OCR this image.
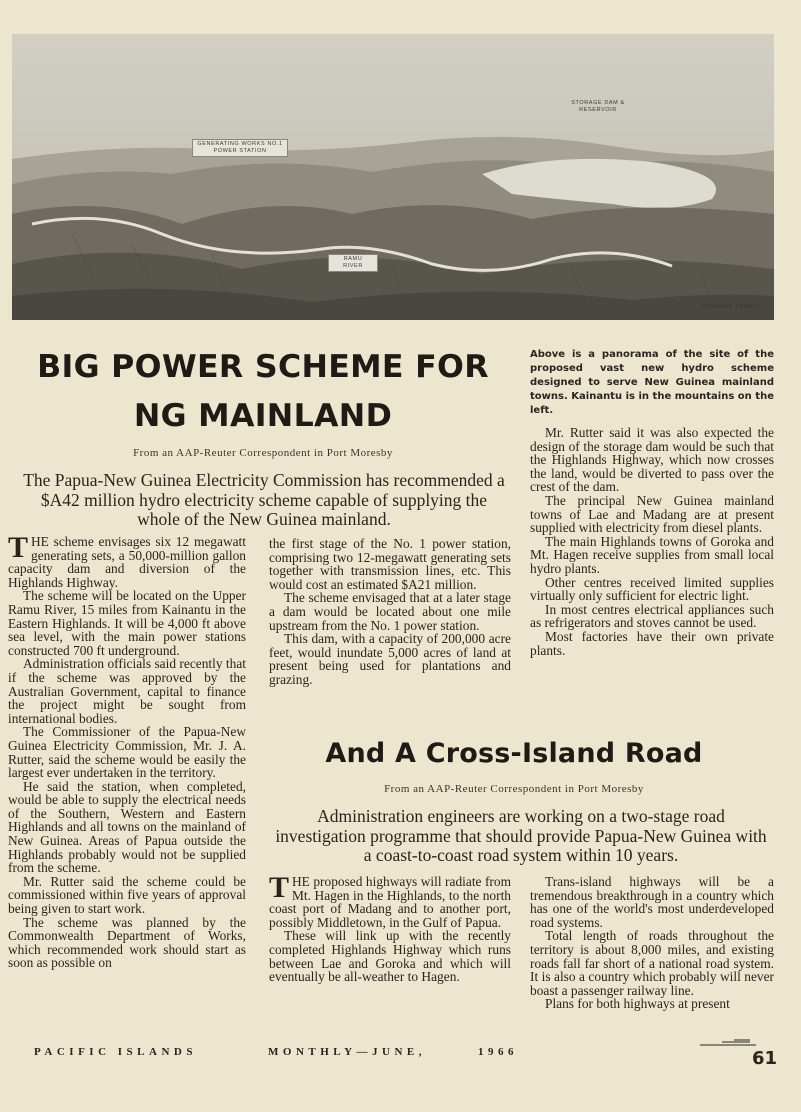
GENERATING WORKS NO.1 POWER STATION
STORAGE DAM & RESERVOIR
RAMU RIVER
CHARLES SEWELL
BIG POWER SCHEME FOR
NG MAINLAND
From an AAP-Reuter Correspondent in Port Moresby
The Papua-New Guinea Electricity Commission has recommended a $A42 million hydro electricity scheme capable of supplying the whole of the New Guinea mainland.
Above is a panorama of the site of the proposed vast new hydro scheme designed to serve New Guinea mainland towns. Kainantu is in the mountains on the left.

THE scheme envisages six 12 megawatt generating sets, a 50,000-million gallon capacity dam and diversion of the Highlands Highway.

The scheme will be located on the Upper Ramu River, 15 miles from Kainantu in the Eastern Highlands. It will be 4,000 ft above sea level, with the main power stations constructed 700 ft underground.

Administration officials said recently that if the scheme was approved by the Australian Government, capital to finance the project might be sought from international bodies.

The Commissioner of the Papua-New Guinea Electricity Commission, Mr. J. A. Rutter, said the scheme would be easily the largest ever undertaken in the territory.

He said the station, when completed, would be able to supply the electrical needs of the Southern, Western and Eastern Highlands and all towns on the mainland of New Guinea. Areas of Papua outside the Highlands probably would not be supplied from the scheme.

Mr. Rutter said the scheme could be commissioned within five years of approval being given to start work.

The scheme was planned by the Commonwealth Department of Works, which recommended work should start as soon as possible on

the first stage of the No. 1 power station, comprising two 12-megawatt generating sets together with transmission lines, etc. This would cost an estimated $A21 million.

The scheme envisaged that at a later stage a dam would be located about one mile upstream from the No. 1 power station.

This dam, with a capacity of 200,000 acre feet, would inundate 5,000 acres of land at present being used for plantations and grazing.

Mr. Rutter said it was also expected the design of the storage dam would be such that the Highlands Highway, which now crosses the land, would be diverted to pass over the crest of the dam.

The principal New Guinea mainland towns of Lae and Madang are at present supplied with electricity from diesel plants.

The main Highlands towns of Goroka and Mt. Hagen receive supplies from small local hydro plants.

Other centres received limited supplies virtually only sufficient for electric light.

In most centres electrical appliances such as refrigerators and stoves cannot be used.

Most factories have their own private plants.

And A Cross-Island Road
From an AAP-Reuter Correspondent in Port Moresby
Administration engineers are working on a two-stage road investigation programme that should provide Papua-New Guinea with a coast-to-coast road system within 10 years.

THE proposed highways will radiate from Mt. Hagen in the Highlands, to the north coast port of Madang and to another port, possibly Middletown, in the Gulf of Papua.

These will link up with the recently completed Highlands Highway which runs between Lae and Goroka and which will eventually be all-weather to Hagen.

Trans-island highways will be a tremendous breakthrough in a country which has one of the world's most underdeveloped road systems.

Total length of roads throughout the territory is about 8,000 miles, and existing roads fall far short of a national road system. It is also a country which probably will never boast a passenger railway line.

Plans for both highways at present

PACIFIC ISLANDS	MONTHLY—JUNE,	1966	61
